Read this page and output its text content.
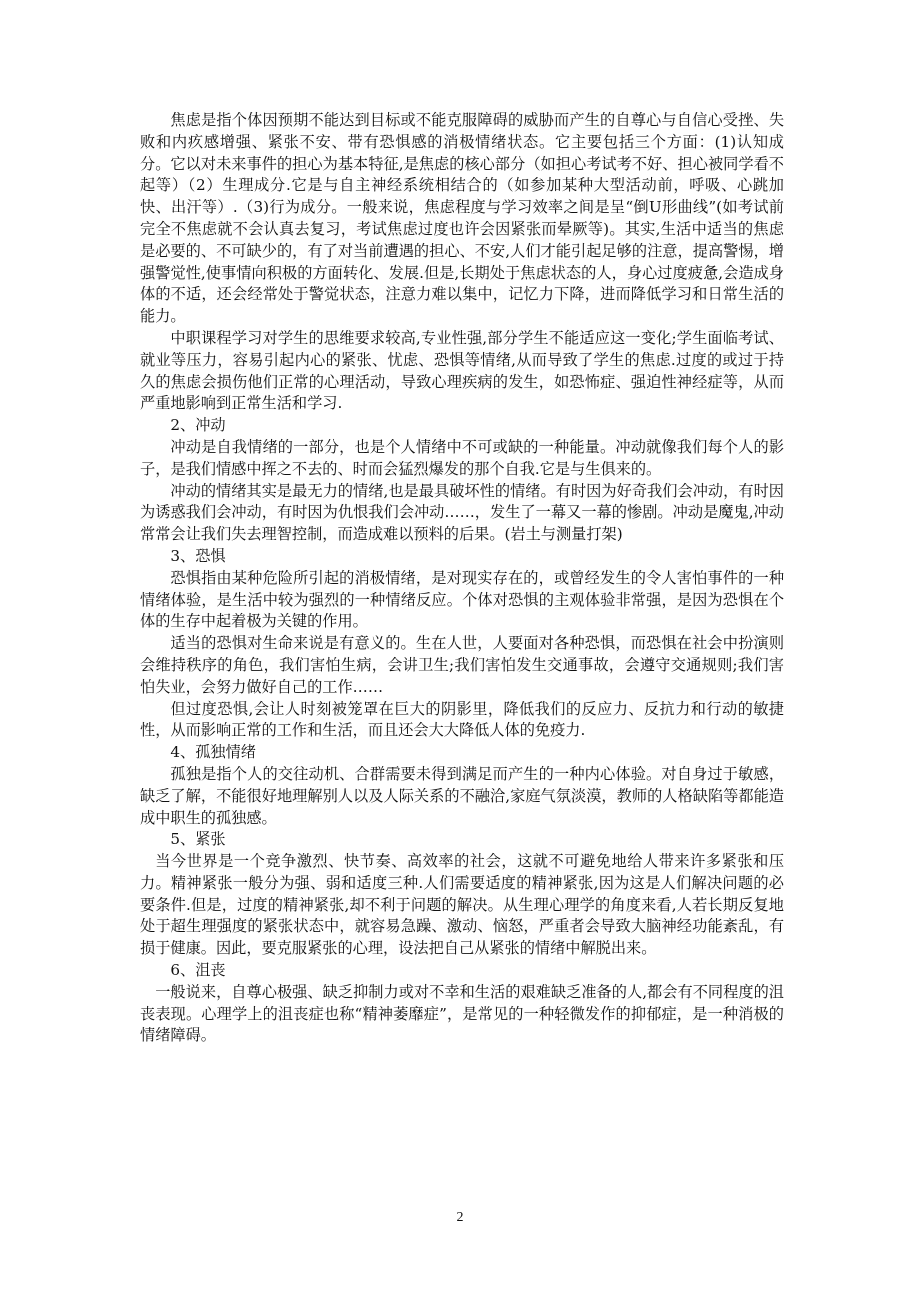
焦虑是指个体因预期不能达到目标或不能克服障碍的威胁而产生的自尊心与自信心受挫、失败和内疚感增强、紧张不安、带有恐惧感的消极情绪状态。它主要包括三个方面：(1)认知成分。它以对未来事件的担心为基本特征,是焦虑的核心部分（如担心考试考不好、担心被同学看不起等）（2）生理成分.它是与自主神经系统相结合的（如参加某种大型活动前，呼吸、心跳加快、出汗等）.（3)行为成分。一般来说，焦虑程度与学习效率之间是呈“倒U形曲线”(如考试前完全不焦虑就不会认真去复习，考试焦虑过度也许会因紧张而晕厥等)。其实,生活中适当的焦虑是必要的、不可缺少的，有了对当前遭遇的担心、不安,人们才能引起足够的注意，提高警惕，增强警觉性,使事情向积极的方面转化、发展.但是,长期处于焦虑状态的人，身心过度疲惫,会造成身体的不适，还会经常处于警觉状态，注意力难以集中，记忆力下降，进而降低学习和日常生活的能力。

中职课程学习对学生的思维要求较高,专业性强,部分学生不能适应这一变化;学生面临考试、就业等压力，容易引起内心的紧张、忧虑、恐惧等情绪,从而导致了学生的焦虑.过度的或过于持久的焦虑会损伤他们正常的心理活动，导致心理疾病的发生，如恐怖症、强迫性神经症等，从而严重地影响到正常生活和学习.

2、冲动

冲动是自我情绪的一部分，也是个人情绪中不可或缺的一种能量。冲动就像我们每个人的影子，是我们情感中挥之不去的、时而会猛烈爆发的那个自我.它是与生俱来的。

冲动的情绪其实是最无力的情绪,也是最具破坏性的情绪。有时因为好奇我们会冲动，有时因为诱惑我们会冲动，有时因为仇恨我们会冲动……，发生了一幕又一幕的惨剧。冲动是魔鬼,冲动常常会让我们失去理智控制，而造成难以预料的后果。(岩土与测量打架)

3、恐惧

恐惧指由某种危险所引起的消极情绪，是对现实存在的，或曾经发生的令人害怕事件的一种情绪体验，是生活中较为强烈的一种情绪反应。个体对恐惧的主观体验非常强，是因为恐惧在个体的生存中起着极为关键的作用。

适当的恐惧对生命来说是有意义的。生在人世，人要面对各种恐惧，而恐惧在社会中扮演则会维持秩序的角色，我们害怕生病，会讲卫生;我们害怕发生交通事故，会遵守交通规则;我们害怕失业，会努力做好自己的工作……

但过度恐惧,会让人时刻被笼罩在巨大的阴影里，降低我们的反应力、反抗力和行动的敏捷性，从而影响正常的工作和生活，而且还会大大降低人体的免疫力.

4、孤独情绪

孤独是指个人的交往动机、合群需要未得到满足而产生的一种内心体验。对自身过于敏感，缺乏了解，不能很好地理解别人以及人际关系的不融洽,家庭气氛淡漠，教师的人格缺陷等都能造成中职生的孤独感。

5、紧张

当今世界是一个竞争激烈、快节奏、高效率的社会，这就不可避免地给人带来许多紧张和压力。精神紧张一般分为强、弱和适度三种.人们需要适度的精神紧张,因为这是人们解决问题的必要条件.但是，过度的精神紧张,却不利于问题的解决。从生理心理学的角度来看,人若长期反复地处于超生理强度的紧张状态中，就容易急躁、激动、恼怒，严重者会导致大脑神经功能紊乱，有损于健康。因此，要克服紧张的心理，设法把自己从紧张的情绪中解脱出来。

6、沮丧

一般说来，自尊心极强、缺乏抑制力或对不幸和生活的艰难缺乏准备的人,都会有不同程度的沮丧表现。心理学上的沮丧症也称“精神萎靡症”，是常见的一种轻微发作的抑郁症，是一种消极的情绪障碍。

2
